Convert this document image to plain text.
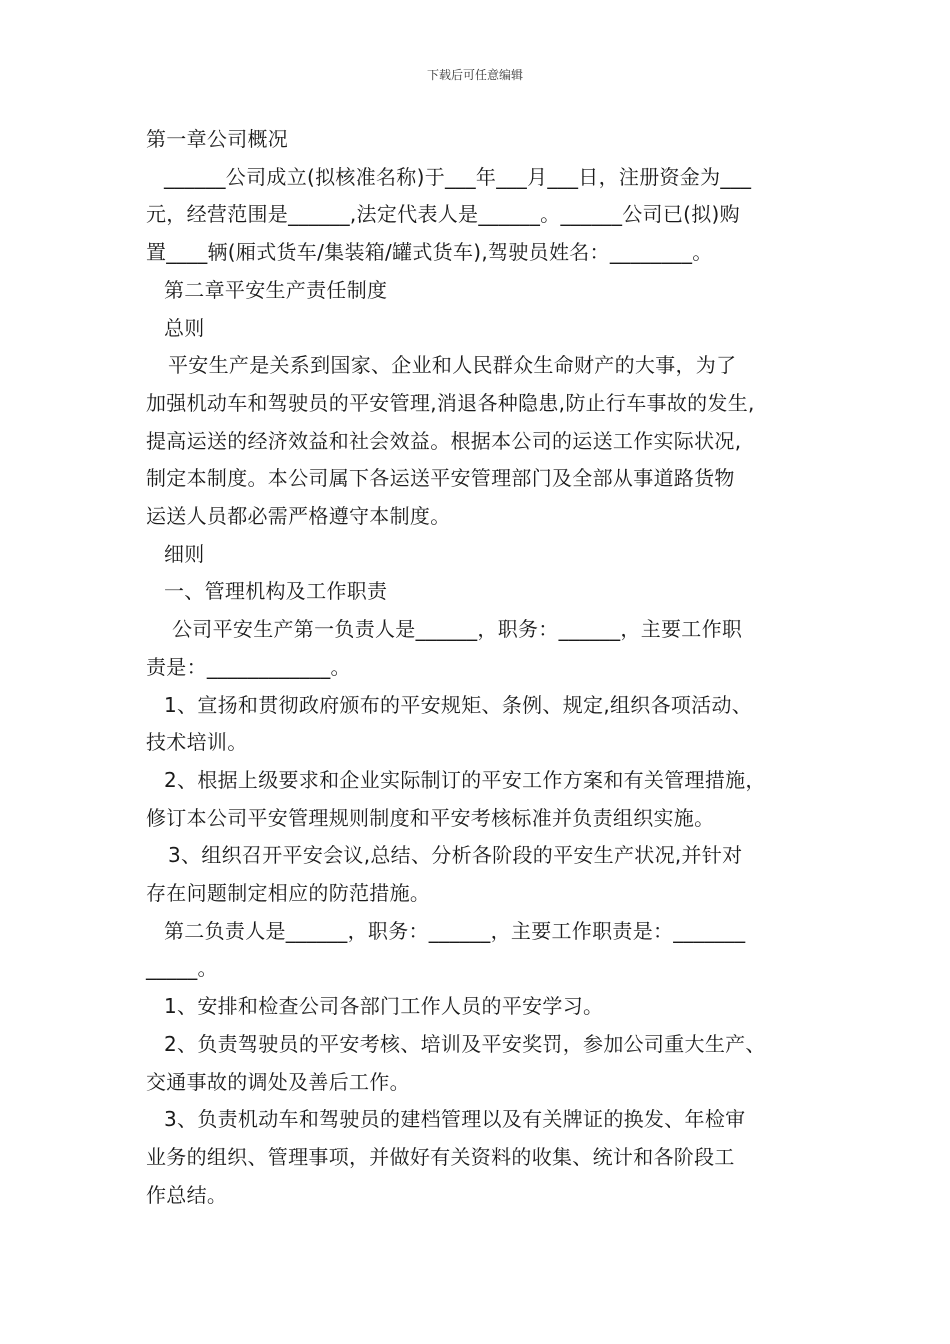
下载后可任意编辑
第一章公司概况
______公司成立(拟核准名称)于___年___月___日，注册资金为___
元，经营范围是______,法定代表人是______。______公司已(拟)购
置____辆(厢式货车/集装箱/罐式货车),驾驶员姓名：________。
第二章平安生产责任制度
总则
平安生产是关系到国家、企业和人民群众生命财产的大事，为了
加强机动车和驾驶员的平安管理,消退各种隐患,防止行车事故的发生,
提高运送的经济效益和社会效益。根据本公司的运送工作实际状况,
制定本制度。本公司属下各运送平安管理部门及全部从事道路货物
运送人员都必需严格遵守本制度。
细则
一、管理机构及工作职责
公司平安生产第一负责人是______，职务：______，主要工作职
责是：____________。
1、宣扬和贯彻政府颁布的平安规矩、条例、规定,组织各项活动、
技术培训。
2、根据上级要求和企业实际制订的平安工作方案和有关管理措施，
修订本公司平安管理规则制度和平安考核标准并负责组织实施。
3、组织召开平安会议,总结、分析各阶段的平安生产状况,并针对
存在问题制定相应的防范措施。
第二负责人是______，职务：______，主要工作职责是：_______
_____。
1、安排和检查公司各部门工作人员的平安学习。
2、负责驾驶员的平安考核、培训及平安奖罚，参加公司重大生产、
交通事故的调处及善后工作。
3、负责机动车和驾驶员的建档管理以及有关牌证的换发、年检审
业务的组织、管理事项，并做好有关资料的收集、统计和各阶段工
作总结。
